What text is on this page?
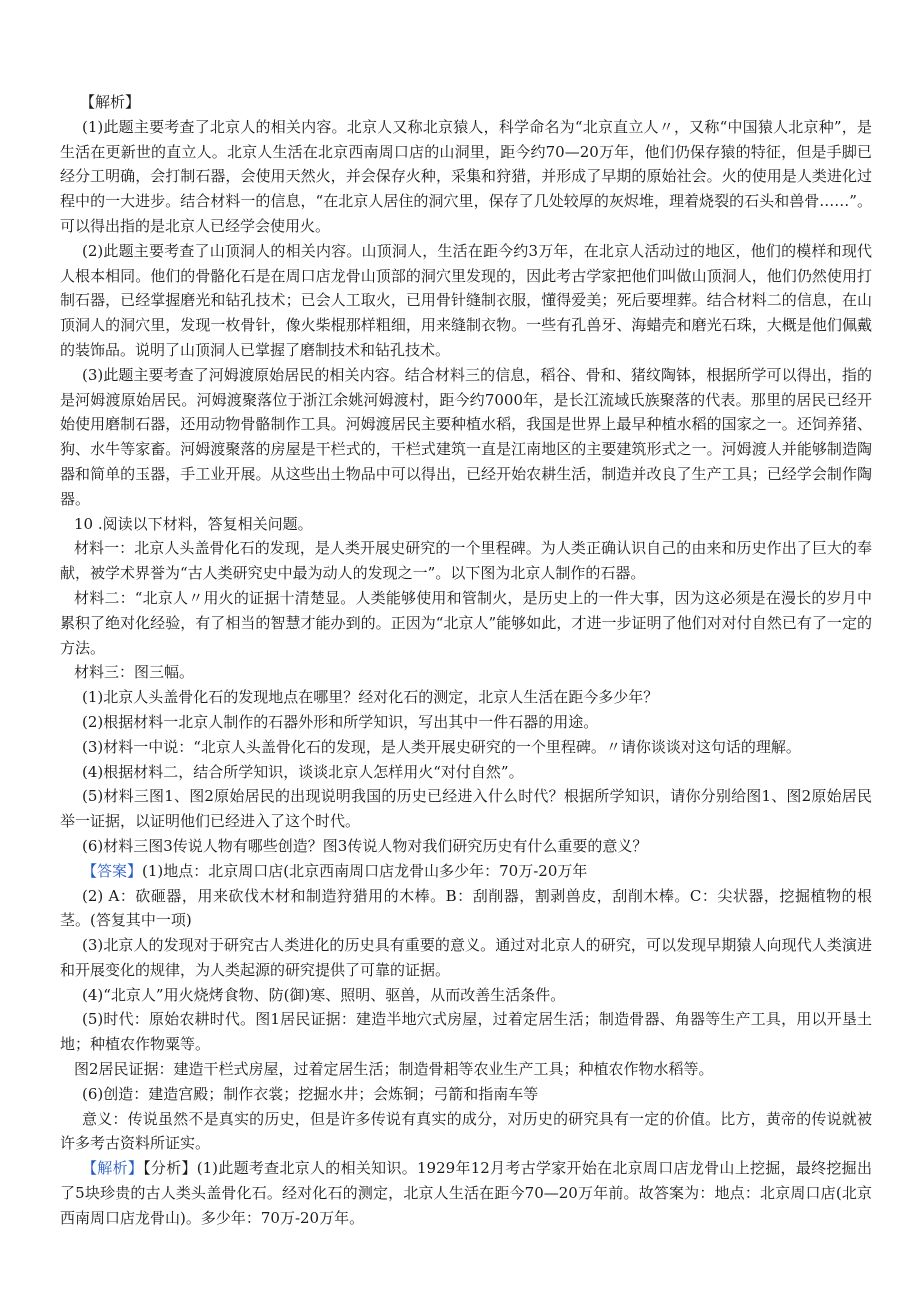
【解析】

(1)此题主要考查了北京人的相关内容。北京人又称北京猿人，科学命名为“北京直立人〃，又称“中国猿人北京种”，是生活在更新世的直立人。北京人生活在北京西南周口店的山洞里，距今约70—20万年，他们仍保存猿的特征，但是手脚已经分工明确，会打制石器，会使用天然火，并会保存火种，采集和狩猎，并形成了早期的原始社会。火的使用是人类进化过程中的一大进步。结合材料一的信息，“在北京人居住的洞穴里，保存了几处较厚的灰烬堆，理着烧裂的石头和兽骨……”。可以得出指的是北京人已经学会使用火。

(2)此题主要考查了山顶洞人的相关内容。山顶洞人，生活在距今约3万年，在北京人活动过的地区，他们的模样和现代人根本相同。他们的骨骼化石是在周口店龙骨山顶部的洞穴里发现的，因此考古学家把他们叫做山顶洞人，他们仍然使用打制石器，已经掌握磨光和钻孔技术；已会人工取火，已用骨针缝制衣服，懂得爱美；死后要埋葬。结合材料二的信息，在山顶洞人的洞穴里，发现一枚骨针，像火柴棍那样粗细，用来缝制衣物。一些有孔兽牙、海蜡壳和磨光石珠，大概是他们佩戴的装饰品。说明了山顶洞人已掌握了磨制技术和钻孔技术。

(3)此题主要考查了河姆渡原始居民的相关内容。结合材料三的信息，稻谷、骨和、猪纹陶钵，根据所学可以得出，指的是河姆渡原始居民。河姆渡聚落位于浙江余姚河姆渡村，距今约7000年，是长江流域氏族聚落的代表。那里的居民已经开始使用磨制石器，还用动物骨骼制作工具。河姆渡居民主要种植水稻，我国是世界上最早种植水稻的国家之一。还饲养猪、狗、水牛等家畜。河姆渡聚落的房屋是干栏式的，干栏式建筑一直是江南地区的主要建筑形式之一。河姆渡人并能够制造陶器和简单的玉器，手工业开展。从这些出土物品中可以得出，已经开始农耕生活，制造并改良了生产工具；已经学会制作陶器。

10 .阅读以下材料，答复相关问题。

材料一：北京人头盖骨化石的发现，是人类开展史研究的一个里程碑。为人类正确认识自己的由来和历史作出了巨大的奉献，被学术界誉为“古人类研究史中最为动人的发现之一”。以下图为北京人制作的石器。

材料二：“北京人〃用火的证据十清楚显。人类能够使用和管制火，是历史上的一件大事，因为这必须是在漫长的岁月中累积了绝对化经验，有了相当的智慧才能办到的。正因为“北京人”能够如此，才进一步证明了他们对对付自然已有了一定的方法。

材料三：图三幅。

(1)北京人头盖骨化石的发现地点在哪里？经对化石的测定，北京人生活在距今多少年？

(2)根据材料一北京人制作的石器外形和所学知识，写出其中一件石器的用途。

(3)材料一中说：“北京人头盖骨化石的发现，是人类开展史研究的一个里程碑。〃请你谈谈对这句话的理解。

(4)根据材料二，结合所学知识，谈谈北京人怎样用火“对付自然”。

(5)材料三图1、图2原始居民的出现说明我国的历史已经进入什么时代？根据所学知识，请你分别给图1、图2原始居民举一证据，以证明他们已经进入了这个时代。

(6)材料三图3传说人物有哪些创造？图3传说人物对我们研究历史有什么重要的意义？

【答案】(1)地点：北京周口店(北京西南周口店龙骨山多少年：70万-20万年

(2) A：砍砸器，用来砍伐木材和制造狩猎用的木棒。B：刮削器，割剥兽皮，刮削木棒。C：尖状器，挖掘植物的根茎。(答复其中一项)

(3)北京人的发现对于研究古人类进化的历史具有重要的意义。通过对北京人的研究，可以发现早期猿人向现代人类演进和开展变化的规律，为人类起源的研究提供了可靠的证据。

(4)“北京人”用火烧烤食物、防(御)寒、照明、驱兽，从而改善生活条件。

(5)时代：原始农耕时代。图1居民证据：建造半地穴式房屋，过着定居生活；制造骨器、角器等生产工具，用以开垦土地；种植农作物粟等。

图2居民证据：建造干栏式房屋，过着定居生活；制造骨耜等农业生产工具；种植农作物水稻等。

(6)创造：建造宫殿；制作衣裳；挖掘水井；会炼铜；弓箭和指南车等

意义：传说虽然不是真实的历史，但是许多传说有真实的成分，对历史的研究具有一定的价值。比方，黄帝的传说就被许多考古资料所证实。

【解析】【分析】(1)此题考查北京人的相关知识。1929年12月考古学家开始在北京周口店龙骨山上挖掘，最终挖掘出了5块珍贵的古人类头盖骨化石。经对化石的测定，北京人生活在距今70—20万年前。故答案为：地点：北京周口店(北京西南周口店龙骨山)。多少年：70万-20万年。
